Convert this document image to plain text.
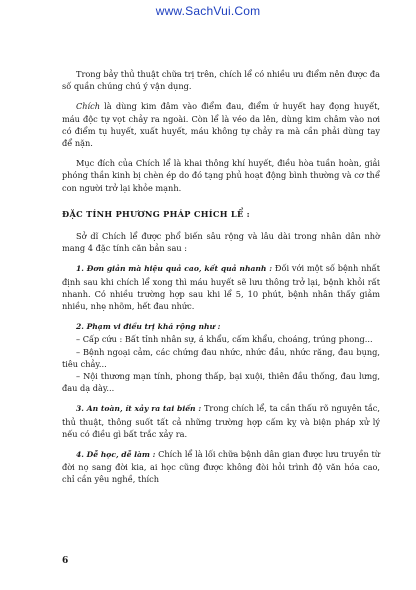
www.SachVui.Com

Trong bảy thủ thuật chữa trị trên, chích lể có nhiều ưu điểm nên được đa số quần chúng chú ý vận dụng.

Chích là dùng kim đâm vào điểm đau, điểm ứ huyết hay đọng huyết, máu độc tự vọt chảy ra ngoài. Còn lể là véo da lên, dùng kim châm vào nơi có điểm tụ huyết, xuất huyết, máu không tự chảy ra mà cần phải dùng tay để nặn.

Mục đích của Chích lể là khai thông khí huyết, điều hòa tuần hoàn, giải phóng thần kinh bị chèn ép do đó tạng phủ hoạt động bình thường và cơ thể con người trở lại khỏe mạnh.

ĐẶC TÍNH PHƯƠNG PHÁP CHÍCH LỂ :

Sở dĩ Chích lể được phổ biến sâu rộng và lâu dài trong nhân dân nhờ mang 4 đặc tính căn bản sau :

1. Đơn giản mà hiệu quả cao, kết quả nhanh : Đối với một số bệnh nhất định sau khi chích lể xong thì máu huyết sẽ lưu thông trở lại, bệnh khỏi rất nhanh. Có nhiều trường hợp sau khi lể 5, 10 phút, bệnh nhân thấy giảm nhiều, nhẹ nhõm, hết đau nhức.

2. Phạm vi điều trị khá rộng như :

– Cấp cứu : Bất tỉnh nhân sự, á khẩu, cấm khẩu, choáng, trúng phong...

– Bệnh ngoại cảm, các chứng đau nhức, nhức đầu, nhức răng, đau bụng, tiêu chảy...

– Nội thương mạn tính, phong thấp, bại xuội, thiên đầu thống, đau lưng, đau dạ dày...

3. An toàn, ít xảy ra tai biến : Trong chích lể, ta cần thấu rõ nguyên tắc, thủ thuật, thông suốt tất cả những trường hợp cấm kỵ và biện pháp xử lý nếu có điều gì bất trắc xảy ra.

4. Dễ học, dễ làm : Chích lể là lối chữa bệnh dân gian được lưu truyền từ đời nọ sang đời kia, ai học cũng được không đòi hỏi trình độ văn hóa cao, chỉ cần yêu nghề, thích

6
